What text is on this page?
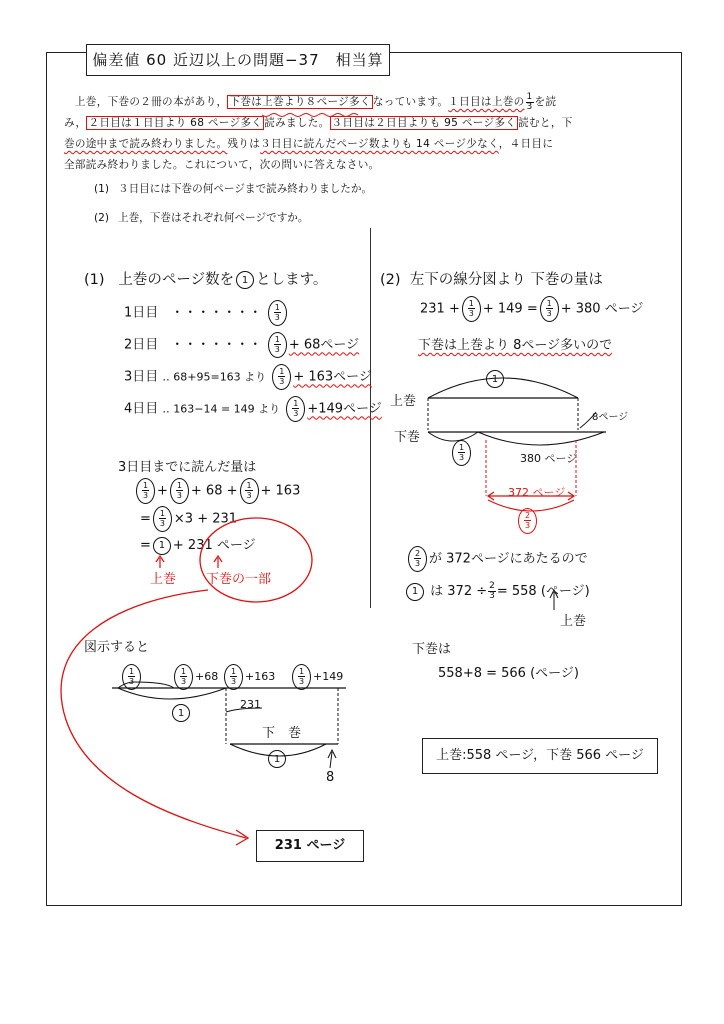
偏差値 60 近辺以上の問題−37　相当算

 上巻，下巻の２冊の本があり， 下巻は上巻より８ページ多く なっています。１日目は上巻の $\frac{1}{3}$ を読

み， ２日目は１日目より 68 ページ多く 読みました。 ３日目は２日目よりも 95 ページ多く 読むと，下

巻の途中まで読み終わりました。残りは３日目に読んだページ数よりも 14 ページ少なく，４日目に

全部読み終わりました。これについて，次の問いに答えなさい。

(1) ３日目には下巻の何ページまで読み終わりましたか。
(2) 上巻，下巻はそれぞれ何ページですか。
(1) 上巻のページ数を 1 とします。
1日目 ・・・・・・・ $\frac{1}{3}$
2日目 ・・・・・・・ $\frac{1}{3} + 68$ページ
3日目 ‥ 68+95=163 より $\frac{1}{3} + 163$ページ
4日目 ‥ 163−14 = 149 より $\frac{1}{3} +149$ページ
3日目までに読んだ量は
$\frac{1}{3} + \frac{1}{3} + 68 + \frac{1}{3} + 163$
= $\frac{1}{3} \times 3 + 231$
= 1 + 231 ページ
上巻 下巻の一部
図示すると
$\frac{1}{3}$	$\frac{1}{3} +68 \frac{1}{3} +163 \frac{1}{3} +149$
1
231
下　巻
1
8
231 ページ
(2) 左下の線分図より 下巻の量は
$231 + \frac{1}{3} + 149 = \frac{1}{3} + 380$ ページ
下巻は上巻より 8ページ多いので
上巻
下巻
1
8ページ
$\frac{1}{3}$	380 ページ
372 ページ
$\frac{2}{3}$
$\frac{2}{3}$ が 372ページにあたるので
1 は $372 \div \frac{2}{3} = 558$ (ページ)
上巻
下巻は
558+8 = 566 (ページ)
上巻:558 ページ，下巻 566 ページ
